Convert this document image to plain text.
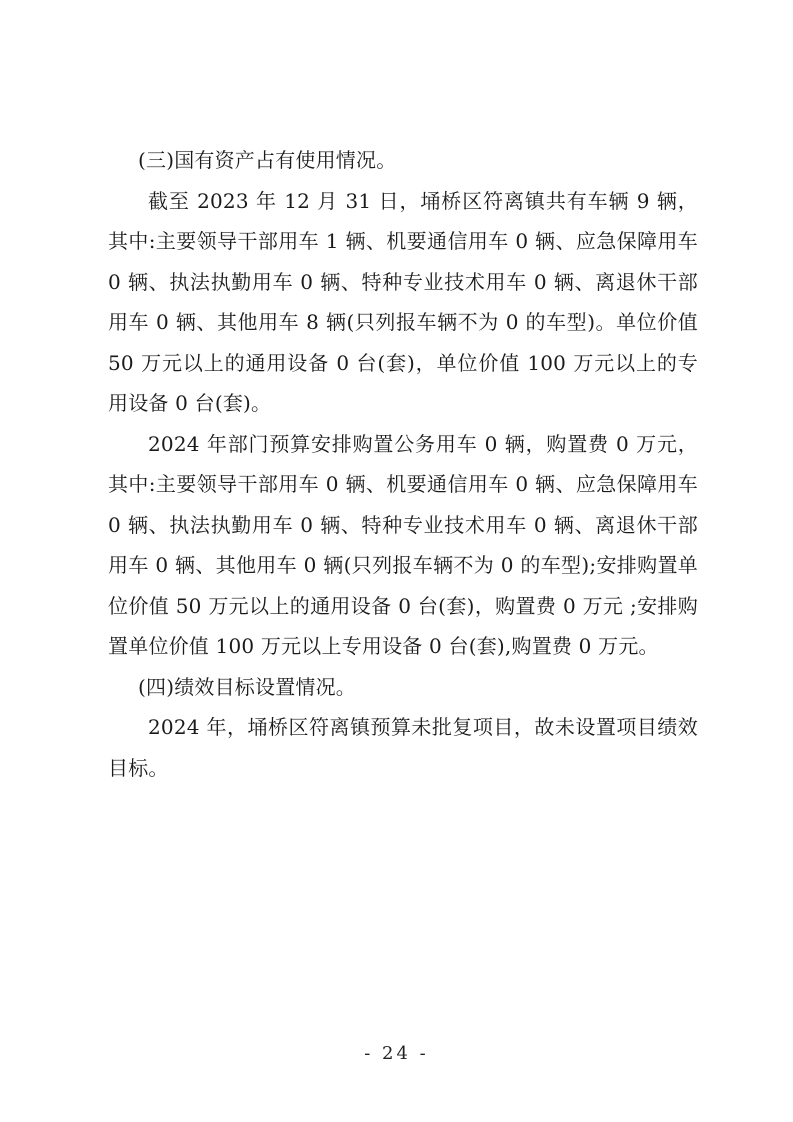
(三)国有资产占有使用情况。

截至 2023 年 12 月 31 日，埇桥区符离镇共有车辆 9 辆，其中:主要领导干部用车 1 辆、机要通信用车 0 辆、应急保障用车 0 辆、执法执勤用车 0 辆、特种专业技术用车 0 辆、离退休干部用车 0 辆、其他用车 8 辆(只列报车辆不为 0 的车型)。单位价值 50 万元以上的通用设备 0 台(套)，单位价值 100 万元以上的专用设备 0 台(套)。

2024 年部门预算安排购置公务用车 0 辆，购置费 0 万元，其中:主要领导干部用车 0 辆、机要通信用车 0 辆、应急保障用车 0 辆、执法执勤用车 0 辆、特种专业技术用车 0 辆、离退休干部用车 0 辆、其他用车 0 辆(只列报车辆不为 0 的车型);安排购置单位价值 50 万元以上的通用设备 0 台(套)，购置费 0 万元 ;安排购置单位价值 100 万元以上专用设备 0 台(套),购置费 0 万元。

(四)绩效目标设置情况。

2024 年，埇桥区符离镇预算未批复项目，故未设置项目绩效目标。

- 24 -
